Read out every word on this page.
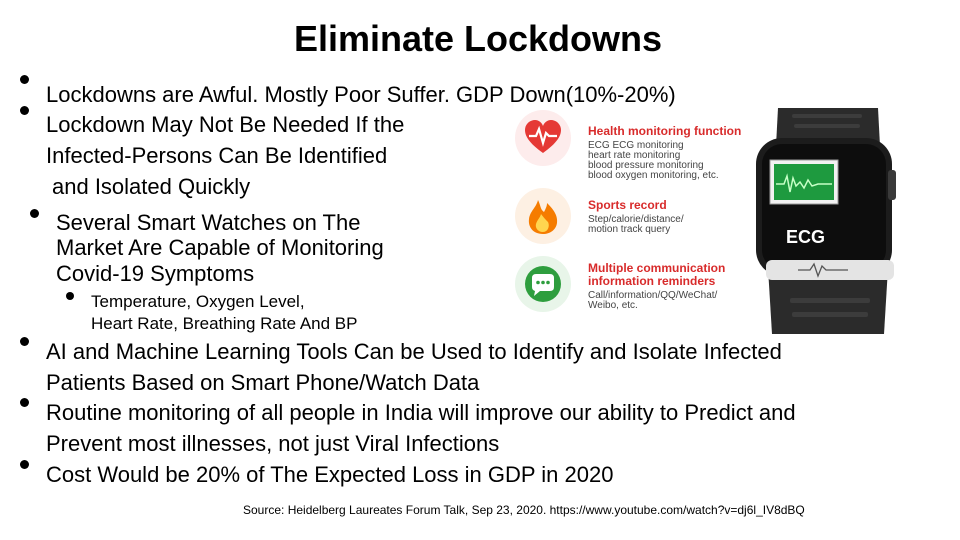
Eliminate Lockdowns
Lockdowns are Awful. Mostly Poor Suffer. GDP Down(10%-20%)
Lockdown May Not Be Needed If the
Infected-Persons Can Be Identified
and Isolated Quickly
Several Smart Watches on The
Market Are Capable of Monitoring
Covid-19 Symptoms
Temperature, Oxygen Level,
Heart Rate, Breathing Rate And BP
AI and Machine Learning Tools Can be Used to Identify and Isolate Infected
Patients Based on Smart Phone/Watch Data
Routine monitoring of all people in India will improve our ability to Predict and
Prevent most illnesses, not just Viral Infections
Cost Would be 20% of The Expected Loss in GDP in 2020
Source: Heidelberg Laureates Forum Talk, Sep 23, 2020. https://www.youtube.com/watch?v=dj6l_IV8dBQ
Health monitoring function
ECG ECG monitoring
heart rate monitoring
blood pressure monitoring
blood oxygen monitoring, etc.
Sports record
Step/calorie/distance/
motion track query
Multiple communication
information reminders
Call/information/QQ/WeChat/
Weibo, etc.
ECG
